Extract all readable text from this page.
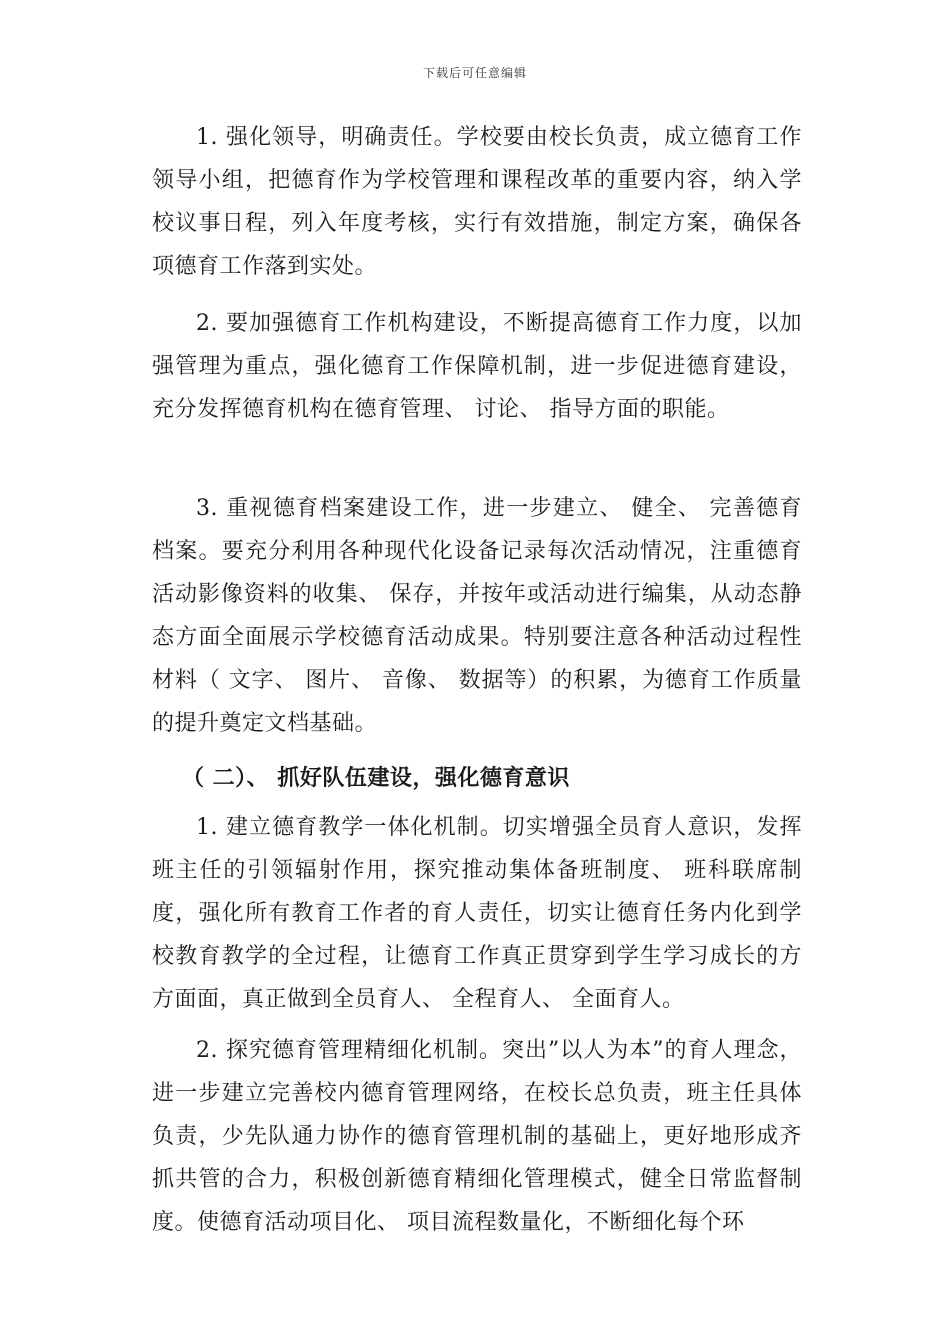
下载后可任意编辑

1. 强化领导，明确责任。学校要由校长负责，成立德育工作领导小组，把德育作为学校管理和课程改革的重要内容，纳入学校议事日程，列入年度考核，实行有效措施，制定方案，确保各项德育工作落到实处。

2. 要加强德育工作机构建设，不断提高德育工作力度，以加强管理为重点，强化德育工作保障机制，进一步促进德育建设，充分发挥德育机构在德育管理、 讨论、 指导方面的职能。

3. 重视德育档案建设工作，进一步建立、 健全、 完善德育档案。要充分利用各种现代化设备记录每次活动情况，注重德育活动影像资料的收集、 保存，并按年或活动进行编集，从动态静态方面全面展示学校德育活动成果。特别要注意各种活动过程性材料（ 文字、 图片、 音像、 数据等）的积累，为德育工作质量的提升奠定文档基础。

（ 二）、 抓好队伍建设，强化德育意识

1. 建立德育教学一体化机制。切实增强全员育人意识，发挥班主任的引领辐射作用，探究推动集体备班制度、 班科联席制度，强化所有教育工作者的育人责任，切实让德育任务内化到学校教育教学的全过程，让德育工作真正贯穿到学生学习成长的方方面面，真正做到全员育人、 全程育人、 全面育人。

2. 探究德育管理精细化机制。突出”以人为本”的育人理念，进一步建立完善校内德育管理网络，在校长总负责，班主任具体负责，少先队通力协作的德育管理机制的基础上，更好地形成齐抓共管的合力，积极创新德育精细化管理模式，健全日常监督制度。使德育活动项目化、 项目流程数量化，不断细化每个环
